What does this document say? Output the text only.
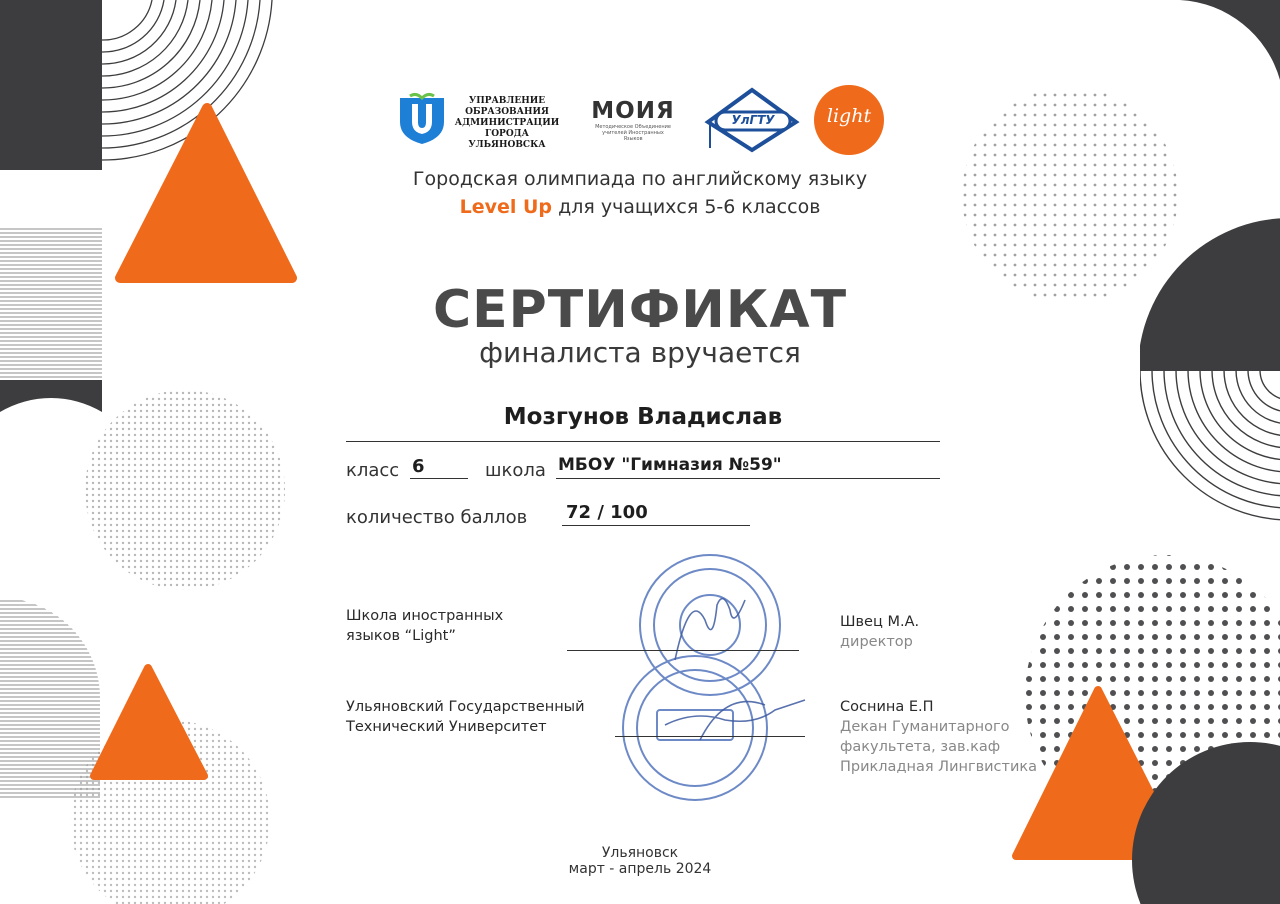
УПРАВЛЕНИЕ
ОБРАЗОВАНИЯ
АДМИНИСТРАЦИИ
ГОРОДА УЛЬЯНОВСКА
МОИЯ
Методическое Объединение учителей Иностранных Языков
УлГТУ	light
Городская олимпиада по английскому языку
Level Up для учащихся 5-6 классов
СЕРТИФИКАТ
финалиста вручается
Мозгунов Владислав
класс 6	школа МБОУ "Гимназия №59"
количество баллов 72 / 100
Школа иностранных
языков “Light”
Швец М.А.
директор
Ульяновский Государственный
Технический Университет
Соснина Е.П
Декан Гуманитарного
факультета, зав.каф
Прикладная Лингвистика
Ульяновск
март - апрель 2024
